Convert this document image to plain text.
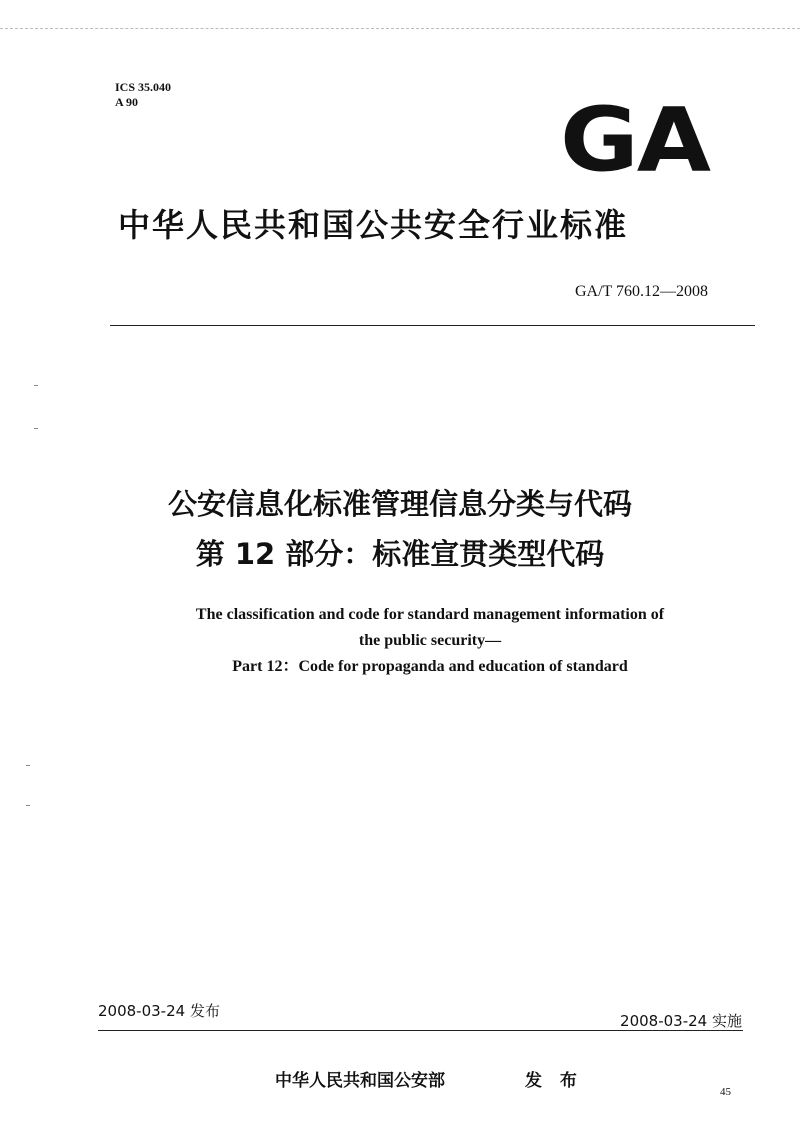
ICS 35.040
A 90	GA
中华人民共和国公共安全行业标准
GA/T 760.12—2008
公安信息化标准管理信息分类与代码
第 12 部分：标准宣贯类型代码
The classification and code for standard management information of
the public security—
Part 12：Code for propaganda and education of standard
2008-03-24 发布
2008-03-24 实施
中华人民共和国公安部	发 布
45
